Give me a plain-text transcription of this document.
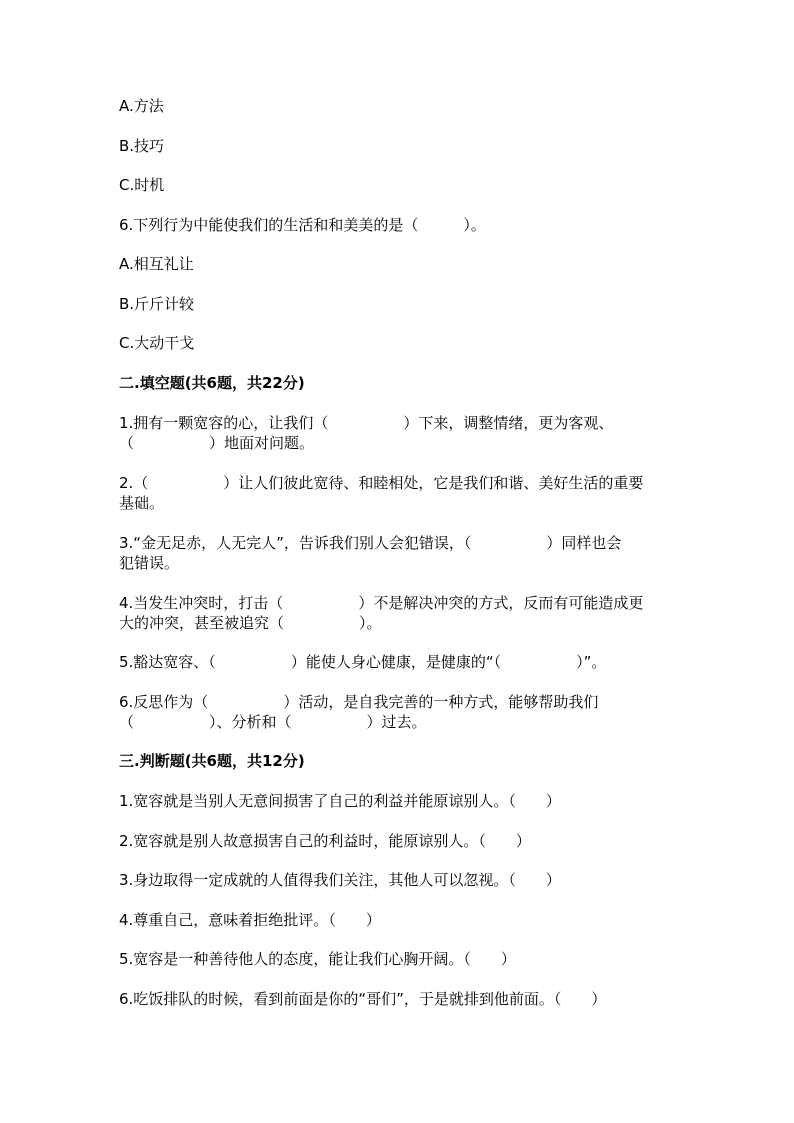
A.方法
B.技巧
C.时机
6.下列行为中能使我们的生活和和美美的是（　　　）。
A.相互礼让
B.斤斤计较
C.大动干戈
二.填空题(共6题，共22分)
1.拥有一颗宽容的心，让我们（　　　　　）下来，调整情绪，更为客观、
（　　　　　）地面对问题。
2.（　　　　　）让人们彼此宽待、和睦相处，它是我们和谐、美好生活的重要
基础。
3.“金无足赤，人无完人”，告诉我们别人会犯错误，（　　　　　）同样也会
犯错误。
4.当发生冲突时，打击（　　　　　）不是解决冲突的方式，反而有可能造成更
大的冲突，甚至被追究（　　　　　）。
5.豁达宽容、（　　　　　）能使人身心健康，是健康的“（　　　　　）”。
6.反思作为（　　　　　）活动，是自我完善的一种方式，能够帮助我们
（　　　　　）、分析和（　　　　　）过去。
三.判断题(共6题，共12分)
1.宽容就是当别人无意间损害了自己的利益并能原谅别人。（　　）
2.宽容就是别人故意损害自己的利益时，能原谅别人。（　　）
3.身边取得一定成就的人值得我们关注，其他人可以忽视。（　　）
4.尊重自己，意味着拒绝批评。（　　）
5.宽容是一种善待他人的态度，能让我们心胸开阔。（　　）
6.吃饭排队的时候，看到前面是你的“哥们”，于是就排到他前面。（　　）
